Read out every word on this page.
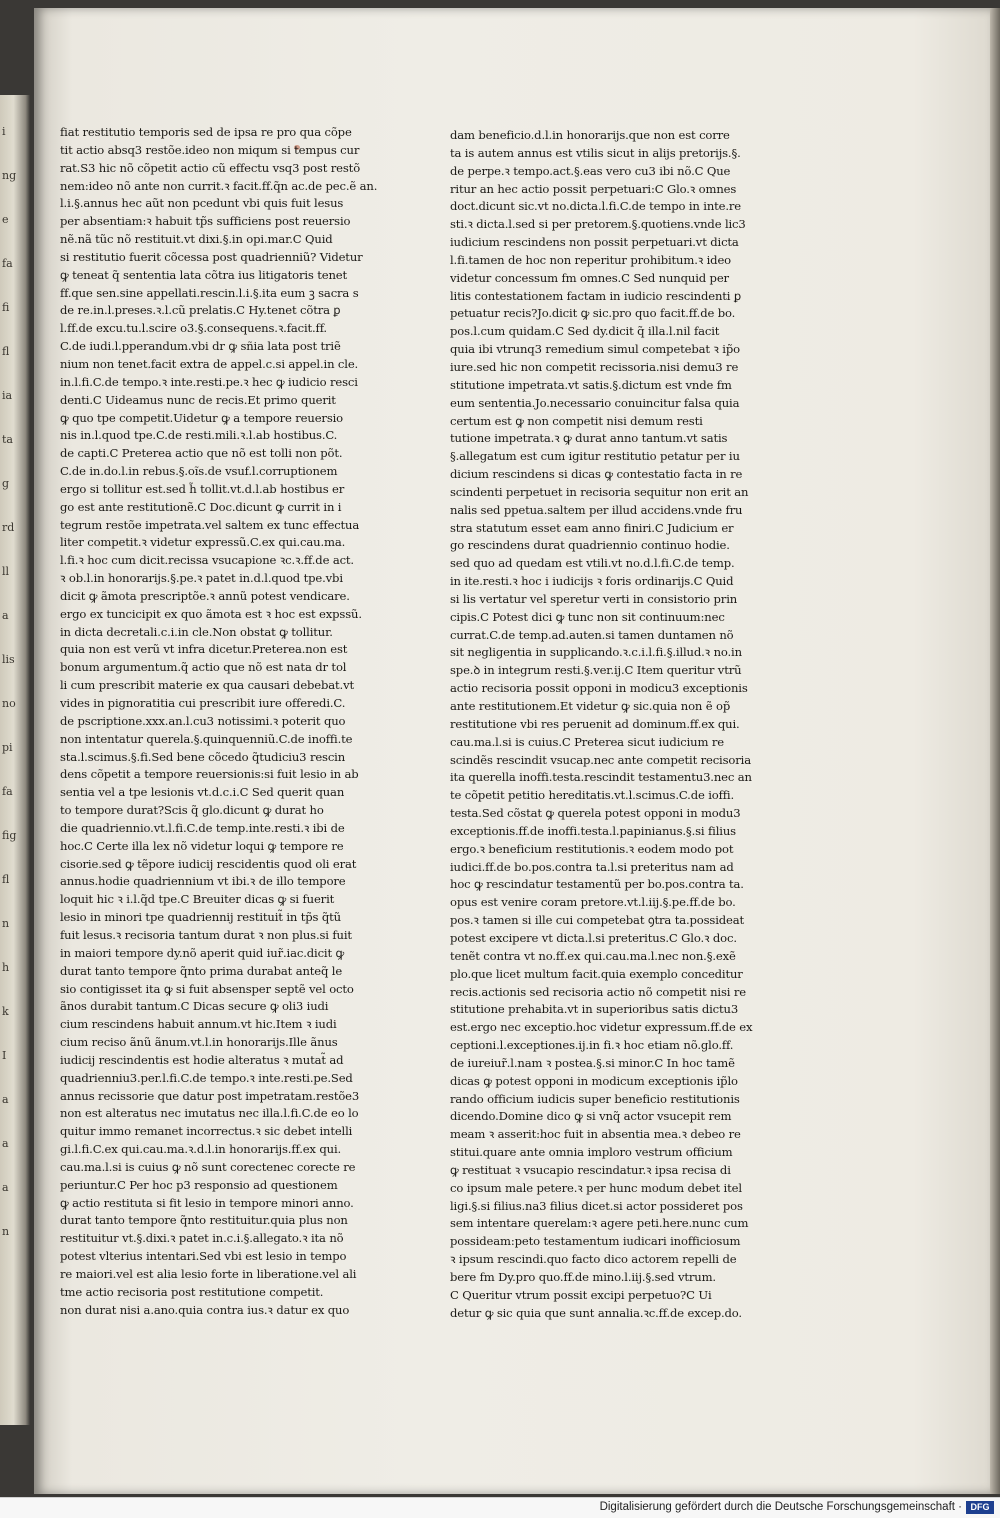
i
ng
e
fa
fi
fl
ia
ta
g
rd
ll
a
lis
no
pi
fa
fig
fl
n
h
k
I
a
a
a
n
fiat restitutio temporis sed de ipsa re pro qua cõpe
tit actio absq3 restõe.ideo non miqum si tempus cur
rat.S3 hic nõ cõpetit actio cũ effectu vsq3 post restõ
nem:ideo nõ ante non currit.ꝛ facit.ff.q̃n ac.de pec.ẽ an.
l.i.§.annus hec aũt non pcedunt vbi quis fuit lesus
per absentiam:ꝛ habuit tp̃s sufficiens post reuersio
nẽ.nã tũc nõ restituit.vt dixi.§.in opi.mar.C Quid
si restitutio fuerit cõcessa post quadrienniũ? Videtur
ꝙ teneat q̃ sententia lata cõtra ius litigatoris tenet
ff.que sen.sine appellati.rescin.l.i.§.ita eum ꝫ sacra s
de re.in.l.preses.ꝛ.l.cũ prelatis.C Hy.tenet cõtra ꝑ
l.ff.de excu.tu.l.scire o3.§.consequens.ꝛ.facit.ff.
C.de iudi.l.pperandum.vbi dr ꝙ sñia lata post triẽ
nium non tenet.facit extra de appel.c.si appel.in cle.
in.l.fi.C.de tempo.ꝛ inte.resti.pe.ꝛ hec ꝙ iudicio resci
denti.C Uideamus nunc de recis.Et primo querit
ꝙ quo tpe competit.Uidetur ꝙ a tempore reuersio
nis in.l.quod tpe.C.de resti.mili.ꝛ.l.ab hostibus.C.
de capti.C Preterea actio que nõ est tolli non põt.
C.de in.do.l.in rebus.§.oĩs.de vsuf.l.corruptionem
ergo si tollitur est.sed h̃ tollit.vt.d.l.ab hostibus er
go est ante restitutionẽ.C Doc.dicunt ꝙ currit in i
tegrum restõe impetrata.vel saltem ex tunc effectua
liter competit.ꝛ videtur expressũ.C.ex qui.cau.ma.
l.fi.ꝛ hoc cum dicit.recissa vsucapione ꝛc.ꝛ.ff.de act.
ꝛ ob.l.in honorarijs.§.pe.ꝛ patet in.d.l.quod tpe.vbi
dicit ꝙ ãmota prescriptõe.ꝛ annũ potest vendicare.
ergo ex tuncicipit ex quo ãmota est ꝛ hoc est expssũ.
in dicta decretali.c.i.in cle.Non obstat ꝙ tollitur.
quia non est verũ vt infra dicetur.Preterea.non est
bonum argumentum.q̃ actio que nõ est nata dr tol
li cum prescribit materie ex qua causari debebat.vt
vides in pignoratitia cui prescribit iure offeredi.C.
de pscriptione.xxx.an.l.cu3 notissimi.ꝛ poterit quo
non intentatur querela.§.quinquenniũ.C.de inoffi.te
sta.l.scimus.§.fi.Sed bene cõcedo q̃tudiciu3 rescin
dens cõpetit a tempore reuersionis:si fuit lesio in ab
sentia vel a tpe lesionis vt.d.c.i.C Sed querit quan
to tempore durat?Scis q̃ glo.dicunt ꝙ durat ho
die quadriennio.vt.l.fi.C.de temp.inte.resti.ꝛ ibi de
hoc.C Certe illa lex nõ videtur loqui ꝙ tempore re
cisorie.sed ꝙ tẽpore iudicij rescidentis quod oli erat
annus.hodie quadriennium vt ibi.ꝛ de illo tempore
loquit hic ꝛ i.l.q̃d tpe.C Breuiter dicas ꝙ si fuerit
lesio in minori tpe quadriennij restituit̃ in tp̃s q̃tũ
fuit lesus.ꝛ recisoria tantum durat ꝛ non plus.si fuit
in maiori tempore dy.nõ aperit quid iur̃.iac.dicit ꝙ
durat tanto tempore q̃nto prima durabat anteq̃ le
sio contigisset ita ꝙ si fuit absensper septẽ vel octo
ãnos durabit tantum.C Dicas secure ꝙ oli3 iudi
cium rescindens habuit annum.vt hic.Item ꝛ iudi
cium reciso ãnũ ãnum.vt.l.in honorarijs.Ille ãnus
iudicij rescindentis est hodie alteratus ꝛ mutat̃ ad
quadrienniu3.per.l.fi.C.de tempo.ꝛ inte.resti.pe.Sed
annus recissorie que datur post impetratam.restõe3
non est alteratus nec imutatus nec illa.l.fi.C.de eo lo
quitur immo remanet incorrectus.ꝛ sic debet intelli
gi.l.fi.C.ex qui.cau.ma.ꝛ.d.l.in honorarijs.ff.ex qui.
cau.ma.l.si is cuius ꝙ nõ sunt corectenec corecte re
periuntur.C Per hoc p3 responsio ad questionem
ꝙ actio restituta si fit lesio in tempore minori anno.
durat tanto tempore q̃nto restituitur.quia plus non
restituitur vt.§.dixi.ꝛ patet in.c.i.§.allegato.ꝛ ita nõ
potest vlterius intentari.Sed vbi est lesio in tempo
re maiori.vel est alia lesio forte in liberatione.vel ali
tme actio recisoria post restitutione competit.
non durat nisi a.ano.quia contra ius.ꝛ datur ex quo
dam beneficio.d.l.in honorarijs.que non est corre
ta is autem annus est vtilis sicut in alijs pretorijs.§.
de perpe.ꝛ tempo.act.§.eas vero cu3 ibi nõ.C Que
ritur an hec actio possit perpetuari:C Glo.ꝛ omnes
doct.dicunt sic.vt no.dicta.l.fi.C.de tempo in inte.re
sti.ꝛ dicta.l.sed si per pretorem.§.quotiens.vnde lic3
iudicium rescindens non possit perpetuari.vt dicta
l.fi.tamen de hoc non reperitur prohibitum.ꝛ ideo
videtur concessum fm omnes.C Sed nunquid per
litis contestationem factam in iudicio rescindenti ꝑ
petuatur recis?Jo.dicit ꝙ sic.pro quo facit.ff.de bo.
pos.l.cum quidam.C Sed dy.dicit q̃ illa.l.nil facit
quia ibi vtrunq3 remedium simul competebat ꝛ ip̃o
iure.sed hic non competit recissoria.nisi demu3 re
stitutione impetrata.vt satis.§.dictum est vnde fm
eum sententia.Jo.necessario conuincitur falsa quia
certum est ꝙ non competit nisi demum resti
tutione impetrata.ꝛ ꝙ durat anno tantum.vt satis
§.allegatum est cum igitur restitutio petatur per iu
dicium rescindens si dicas ꝙ contestatio facta in re
scindenti perpetuet in recisoria sequitur non erit an
nalis sed ppetua.saltem per illud accidens.vnde fru
stra statutum esset eam anno finiri.C Judicium er
go rescindens durat quadriennio continuo hodie.
sed quo ad quedam est vtili.vt no.d.l.fi.C.de temp.
in ite.resti.ꝛ hoc i iudicijs ꝛ foris ordinarijs.C Quid
si lis vertatur vel speretur verti in consistorio prin
cipis.C Potest dici ꝙ tunc non sit continuum:nec
currat.C.de temp.ad.auten.si tamen duntamen nõ
sit negligentia in supplicando.ꝛ.c.i.l.fi.§.illud.ꝛ no.in
spe.ꝺ in integrum resti.§.ver.ij.C Item queritur vtrũ
actio recisoria possit opponi in modicu3 exceptionis
ante restitutionem.Et videtur ꝙ sic.quia non ẽ op̃
restitutione vbi res peruenit ad dominum.ff.ex qui.
cau.ma.l.si is cuius.C Preterea sicut iudicium re
scindẽs rescindit vsucap.nec ante competit recisoria
ita querella inoffi.testa.rescindit testamentu3.nec an
te cõpetit petitio hereditatis.vt.l.scimus.C.de ioffi.
testa.Sed cõstat ꝙ querela potest opponi in modu3
exceptionis.ff.de inoffi.testa.l.papinianus.§.si filius
ergo.ꝛ beneficium restitutionis.ꝛ eodem modo pot
iudici.ff.de bo.pos.contra ta.l.si preteritus nam ad
hoc ꝙ rescindatur testamentũ per bo.pos.contra ta.
opus est venire coram pretore.vt.l.iij.§.pe.ff.de bo.
pos.ꝛ tamen si ille cui competebat ꝯtra ta.possideat
potest excipere vt dicta.l.si preteritus.C Glo.ꝛ doc.
tenẽt contra vt no.ff.ex qui.cau.ma.l.nec non.§.exẽ
plo.que licet multum facit.quia exemplo conceditur
recis.actionis sed recisoria actio nõ competit nisi re
stitutione prehabita.vt in superioribus satis dictu3
est.ergo nec exceptio.hoc videtur expressum.ff.de ex
ceptioni.l.exceptiones.ij.in fi.ꝛ hoc etiam nõ.glo.ff.
de iureiur̃.l.nam ꝛ postea.§.si minor.C In hoc tamẽ
dicas ꝙ potest opponi in modicum exceptionis ip̃lo
rando officium iudicis super beneficio restitutionis
dicendo.Domine dico ꝙ si vnq̃ actor vsucepit rem
meam ꝛ asserit:hoc fuit in absentia mea.ꝛ debeo re
stitui.quare ante omnia imploro vestrum officium
ꝙ restituat ꝛ vsucapio rescindatur.ꝛ ipsa recisa di
co ipsum male petere.ꝛ per hunc modum debet itel
ligi.§.si filius.na3 filius dicet.si actor possideret pos
sem intentare querelam:ꝛ agere peti.here.nunc cum
possideam:peto testamentum iudicari inofficiosum
ꝛ ipsum rescindi.quo facto dico actorem repelli de
bere fm Dy.pro quo.ff.de mino.l.iij.§.sed vtrum.
C Queritur vtrum possit excipi perpetuo?C Ui
detur ꝙ sic quia que sunt annalia.ꝛc.ff.de excep.do.
Digitalisierung gefördert durch die Deutsche Forschungsgemeinschaft · DFG
